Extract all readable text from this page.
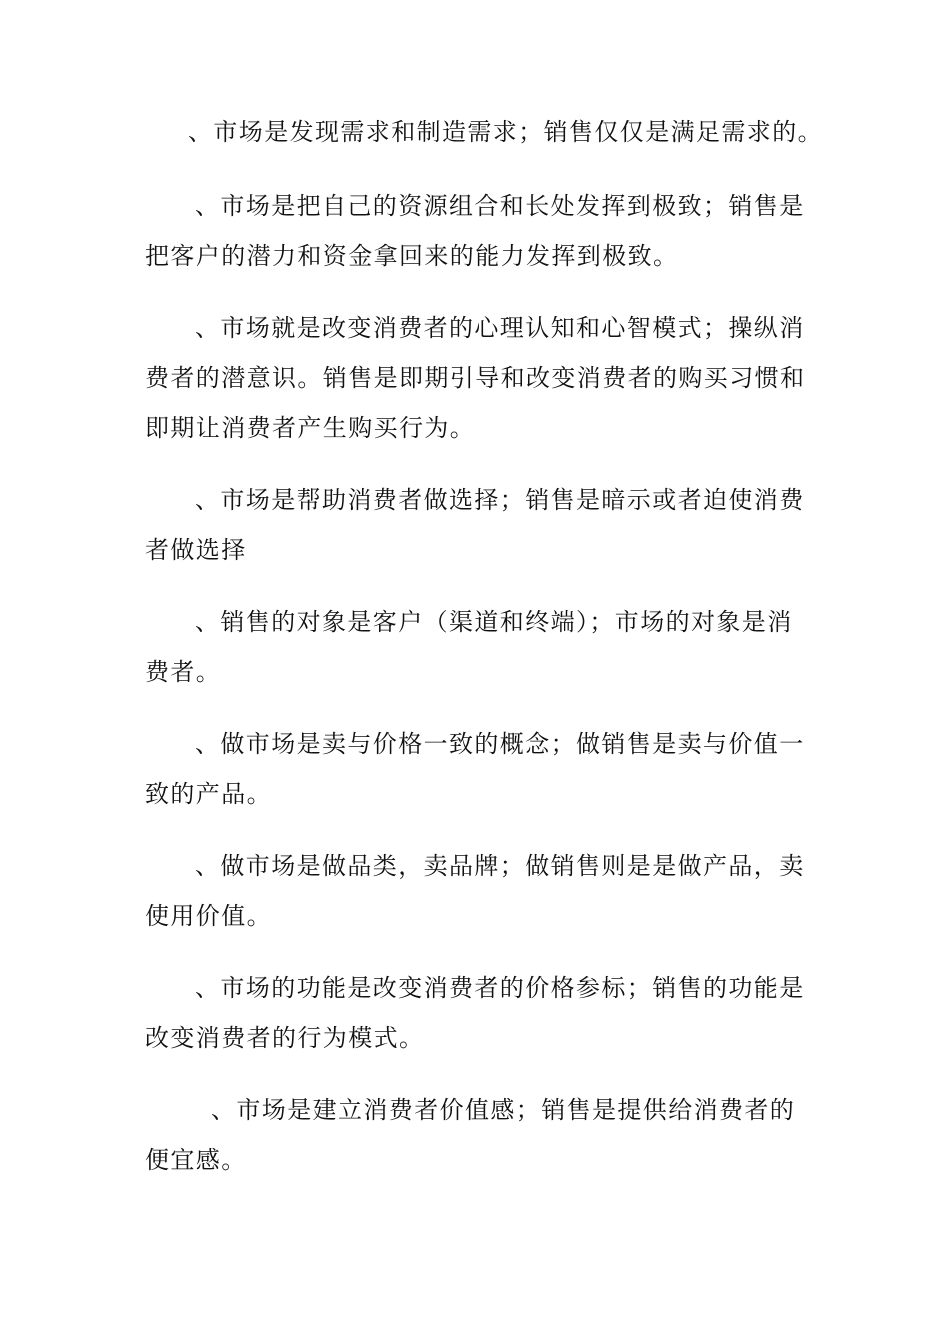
、市场是发现需求和制造需求；销售仅仅是满足需求的。

、市场是把自己的资源组合和长处发挥到极致；销售是
把客户的潜力和资金拿回来的能力发挥到极致。

、市场就是改变消费者的心理认知和心智模式；操纵消
费者的潜意识。销售是即期引导和改变消费者的购买习惯和
即期让消费者产生购买行为。

、市场是帮助消费者做选择；销售是暗示或者迫使消费
者做选择

、销售的对象是客户（渠道和终端）；市场的对象是消
费者。

、做市场是卖与价格一致的概念；做销售是卖与价值一
致的产品。

、做市场是做品类，卖品牌；做销售则是是做产品，卖
使用价值。

、市场的功能是改变消费者的价格参标；销售的功能是
改变消费者的行为模式。

、市场是建立消费者价值感；销售是提供给消费者的
便宜感。
